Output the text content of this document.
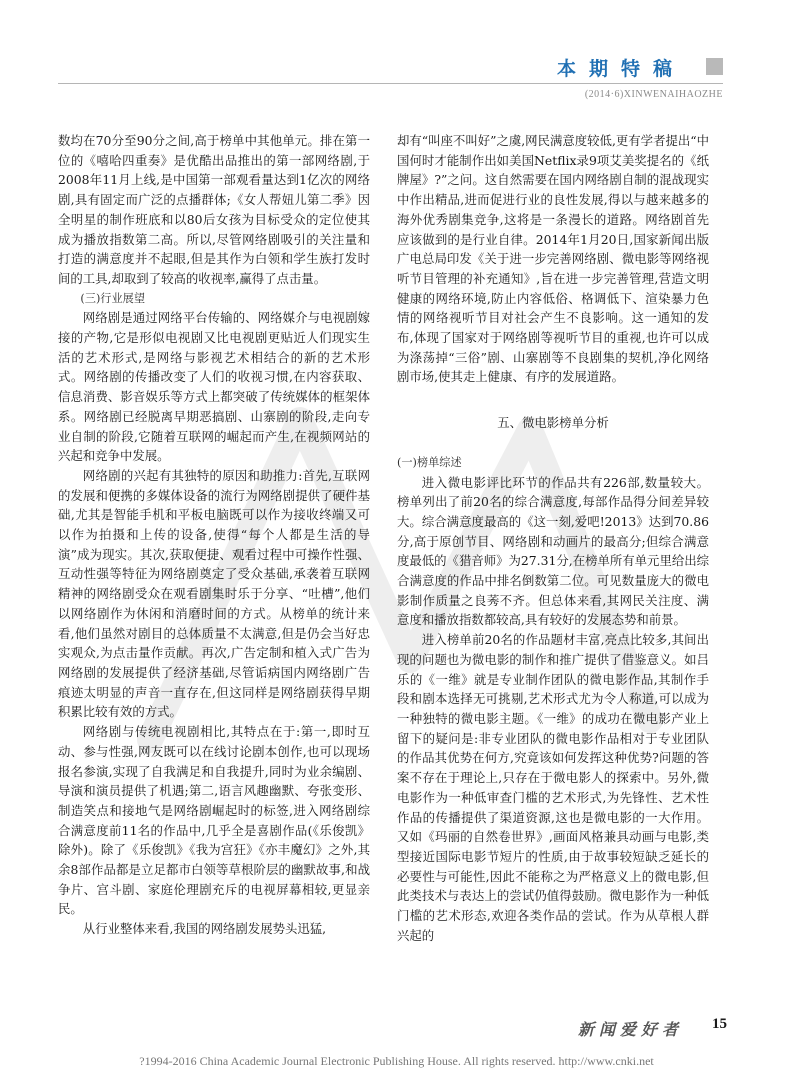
本期特稿
(2014·6)XINWENAIHAOZHE

数均在70分至90分之间,高于榜单中其他单元。排在第一位的《嘻哈四重奏》是优酷出品推出的第一部网络剧,于2008年11月上线,是中国第一部观看量达到1亿次的网络剧,具有固定而广泛的点播群体;《女人帮妞儿第二季》因全明星的制作班底和以80后女孩为目标受众的定位使其成为播放指数第二高。所以,尽管网络剧吸引的关注量和打造的满意度并不起眼,但是其作为白领和学生族打发时间的工具,却取到了较高的收视率,赢得了点击量。

(三)行业展望

网络剧是通过网络平台传输的、网络媒介与电视剧嫁接的产物,它是形似电视剧又比电视剧更贴近人们现实生活的艺术形式,是网络与影视艺术相结合的新的艺术形式。网络剧的传播改变了人们的收视习惯,在内容获取、信息消费、影音娱乐等方式上都突破了传统媒体的框架体系。网络剧已经脱离早期恶搞剧、山寨剧的阶段,走向专业自制的阶段,它随着互联网的崛起而产生,在视频网站的兴起和竞争中发展。

网络剧的兴起有其独特的原因和助推力:首先,互联网的发展和便携的多媒体设备的流行为网络剧提供了硬件基础,尤其是智能手机和平板电脑既可以作为接收终端又可以作为拍摄和上传的设备,使得“每个人都是生活的导演”成为现实。其次,获取便捷、观看过程中可操作性强、互动性强等特征为网络剧奠定了受众基础,承袭着互联网精神的网络剧受众在观看剧集时乐于分享、“吐槽”,他们以网络剧作为休闲和消磨时间的方式。从榜单的统计来看,他们虽然对剧目的总体质量不太满意,但是仍会当好忠实观众,为点击量作贡献。再次,广告定制和植入式广告为网络剧的发展提供了经济基础,尽管诟病国内网络剧广告痕迹太明显的声音一直存在,但这同样是网络剧获得早期积累比较有效的方式。

网络剧与传统电视剧相比,其特点在于:第一,即时互动、参与性强,网友既可以在线讨论剧本创作,也可以现场报名参演,实现了自我满足和自我提升,同时为业余编剧、导演和演员提供了机遇;第二,语言风趣幽默、夸张变形、制造笑点和接地气是网络剧崛起时的标签,进入网络剧综合满意度前11名的作品中,几乎全是喜剧作品(《乐俊凯》除外)。除了《乐俊凯》《我为宫狂》《亦丰魔幻》之外,其余8部作品都是立足都市白领等草根阶层的幽默故事,和战争片、宫斗剧、家庭伦理剧充斥的电视屏幕相较,更显亲民。

从行业整体来看,我国的网络剧发展势头迅猛,

却有“叫座不叫好”之虞,网民满意度较低,更有学者提出“中国何时才能制作出如美国Netflix录9项艾美奖提名的《纸牌屋》?”之问。这自然需要在国内网络剧自制的混战现实中作出精品,进而促进行业的良性发展,得以与越来越多的海外优秀剧集竞争,这将是一条漫长的道路。网络剧首先应该做到的是行业自律。2014年1月20日,国家新闻出版广电总局印发《关于进一步完善网络剧、微电影等网络视听节目管理的补充通知》,旨在进一步完善管理,营造文明健康的网络环境,防止内容低俗、格调低下、渲染暴力色情的网络视听节目对社会产生不良影响。这一通知的发布,体现了国家对于网络剧等视听节目的重视,也许可以成为涤荡掉“三俗”剧、山寨剧等不良剧集的契机,净化网络剧市场,使其走上健康、有序的发展道路。

五、微电影榜单分析

(一)榜单综述

进入微电影评比环节的作品共有226部,数量较大。榜单列出了前20名的综合满意度,每部作品得分间差异较大。综合满意度最高的《这一刻,爱吧!2013》达到70.86分,高于原创节目、网络剧和动画片的最高分;但综合满意度最低的《猎音师》为27.31分,在榜单所有单元里给出综合满意度的作品中排名倒数第二位。可见数量庞大的微电影制作质量之良莠不齐。但总体来看,其网民关注度、满意度和播放指数都较高,具有较好的发展态势和前景。

进入榜单前20名的作品题材丰富,亮点比较多,其间出现的问题也为微电影的制作和推广提供了借鉴意义。如吕乐的《一维》就是专业制作团队的微电影作品,其制作手段和剧本选择无可挑剔,艺术形式尤为令人称道,可以成为一种独特的微电影主题。《一维》的成功在微电影产业上留下的疑问是:非专业团队的微电影作品相对于专业团队的作品其优势在何方,究竟该如何发挥这种优势?问题的答案不存在于理论上,只存在于微电影人的探索中。另外,微电影作为一种低审查门槛的艺术形式,为先锋性、艺术性作品的传播提供了渠道资源,这也是微电影的一大作用。又如《玛丽的自然卷世界》,画面风格兼具动画与电影,类型接近国际电影节短片的性质,由于故事较短缺乏延长的必要性与可能性,因此不能称之为严格意义上的微电影,但此类技术与表达上的尝试仍值得鼓励。微电影作为一种低门槛的艺术形态,欢迎各类作品的尝试。作为从草根人群兴起的

新闻爱好者 15
?1994-2016 China Academic Journal Electronic Publishing House. All rights reserved. http://www.cnki.net
